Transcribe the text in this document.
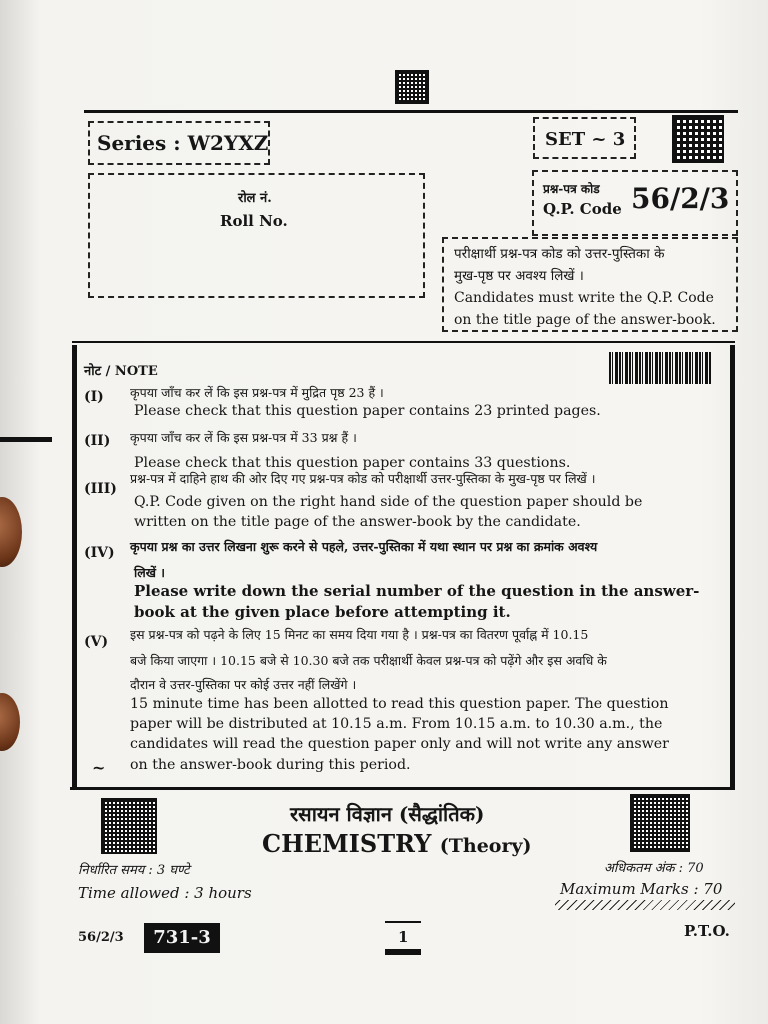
Series : W2YXZ	SET ~ 3
रोल नं.
Roll No.
प्रश्न-पत्र कोड
Q.P. Code 56/2/3
परीक्षार्थी प्रश्न-पत्र कोड को उत्तर-पुस्तिका के
मुख-पृष्ठ पर अवश्य लिखें ।
Candidates must write the Q.P. Code
on the title page of the answer-book.
नोट / NOTE
(I) कृपया जाँच कर लें कि इस प्रश्न-पत्र में मुद्रित पृष्ठ 23 हैं ।
Please check that this question paper contains 23 printed pages.
(II) कृपया जाँच कर लें कि इस प्रश्न-पत्र में 33 प्रश्न हैं ।
Please check that this question paper contains 33 questions.
(III)
प्रश्न-पत्र में दाहिने हाथ की ओर दिए गए प्रश्न-पत्र कोड को परीक्षार्थी उत्तर-पुस्तिका के मुख-पृष्ठ पर लिखें ।
Q.P. Code given on the right hand side of the question paper should be
written on the title page of the answer-book by the candidate.
(IV) कृपया प्रश्न का उत्तर लिखना शुरू करने से पहले, उत्तर-पुस्तिका में यथा स्थान पर प्रश्न का क्रमांक अवश्य
लिखें ।
Please write down the serial number of the question in the answer-
book at the given place before attempting it.
(V) इस प्रश्न-पत्र को पढ़ने के लिए 15 मिनट का समय दिया गया है । प्रश्न-पत्र का वितरण पूर्वाह्न में 10.15
बजे किया जाएगा । 10.15 बजे से 10.30 बजे तक परीक्षार्थी केवल प्रश्न-पत्र को पढ़ेंगे और इस अवधि के
दौरान वे उत्तर-पुस्तिका पर कोई उत्तर नहीं लिखेंगे ।
15 minute time has been allotted to read this question paper. The question
paper will be distributed at 10.15 a.m. From 10.15 a.m. to 10.30 a.m., the
candidates will read the question paper only and will not write any answer
on the answer-book during this period.
~
रसायन विज्ञान (सैद्धांतिक)
CHEMISTRY (Theory)
निर्धारित समय : 3 घण्टे
Time allowed : 3 hours
अधिकतम अंक : 70
Maximum Marks : 70
56/2/3	731-3	1	P.T.O.
